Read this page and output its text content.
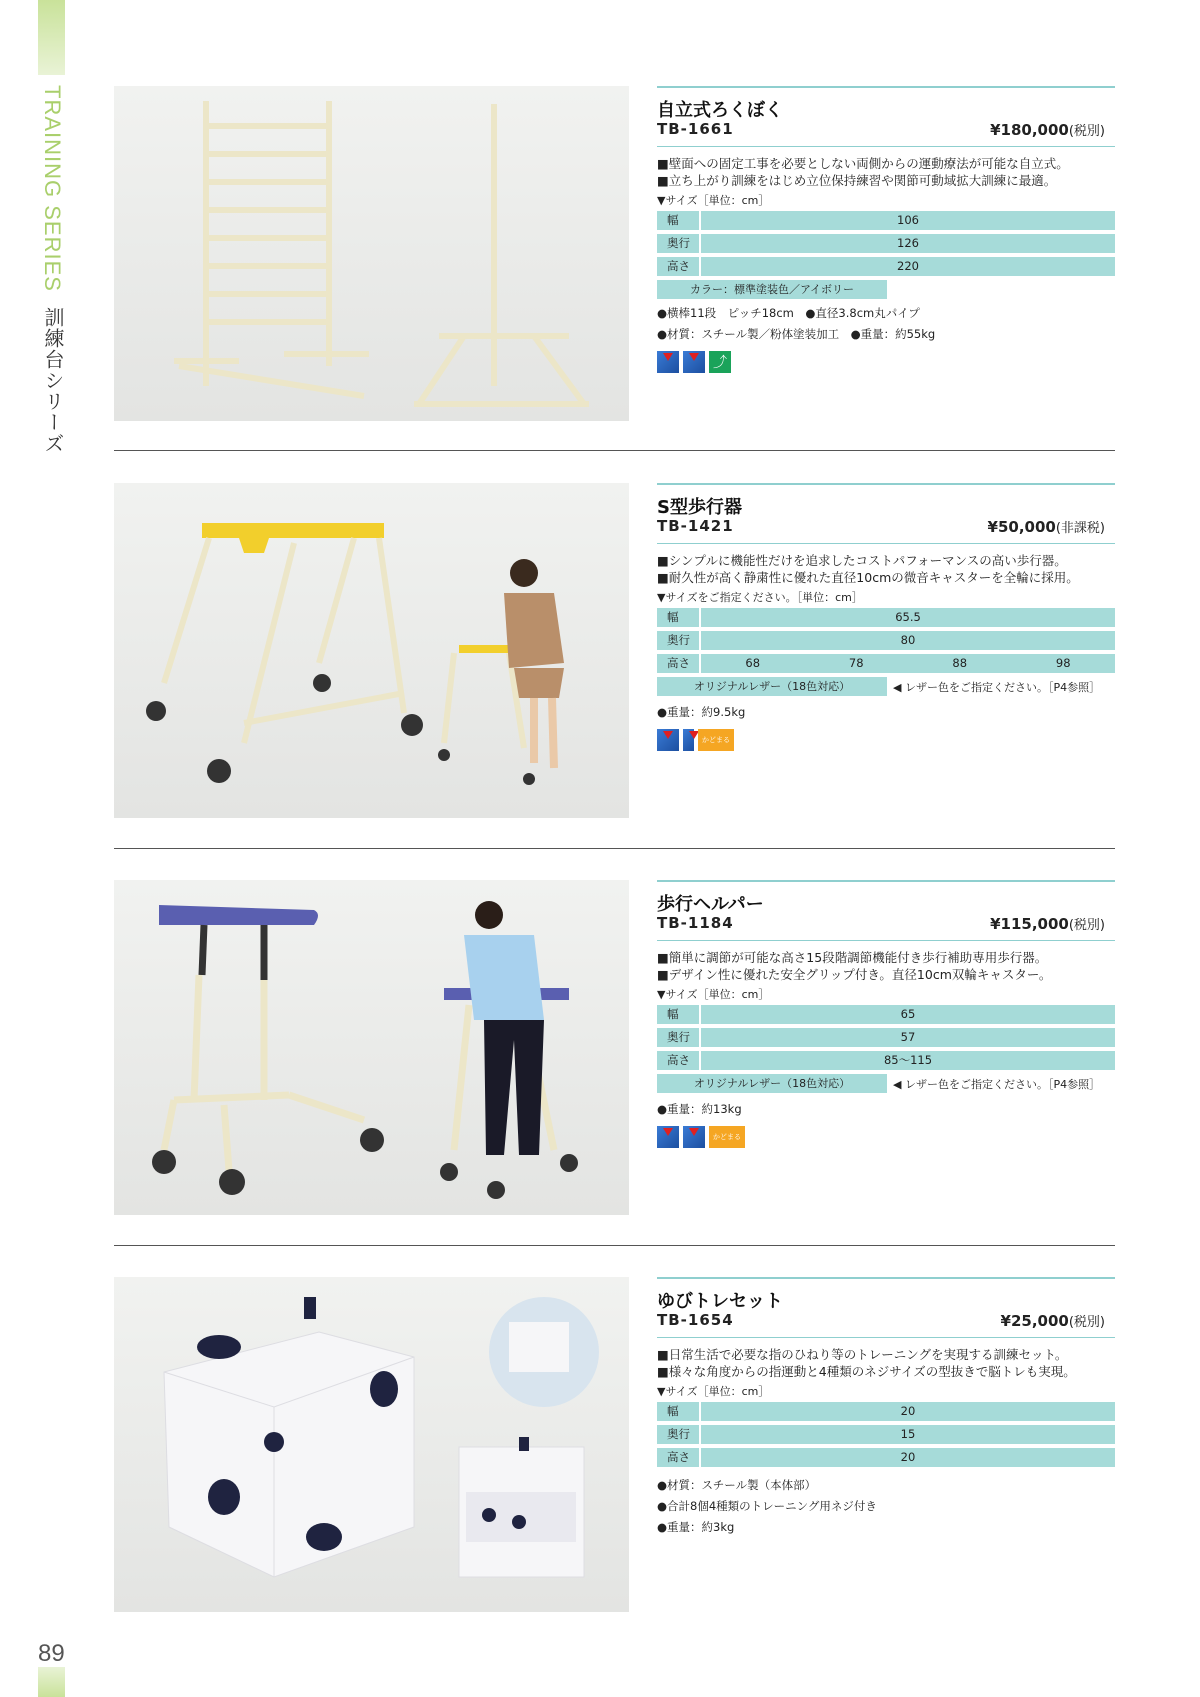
TRAINING SERIES 訓練台シリーズ
89
自立式ろくぼく
TB-1661	¥180,000(税別)
■壁面への固定工事を必要としない両側からの運動療法が可能な自立式。
■立ち上がり訓練をはじめ立位保持練習や関節可動域拡大訓練に最適。
▼サイズ［単位：cm］
幅	106
奥行	126
高さ	220
カラー：標準塗装色／アイボリー
●横棒11段　ピッチ18cm　●直径3.8cm丸パイプ
●材質：スチール製／粉体塗装加工　●重量：約55kg
⤴
S型歩行器
TB-1421	¥50,000(非課税)
■シンプルに機能性だけを追求したコストパフォーマンスの高い歩行器。
■耐久性が高く静粛性に優れた直径10cmの微音キャスターを全輪に採用。
▼サイズをご指定ください。［単位：cm］
幅	65.5
奥行	80
高さ	68	78	88	98
オリジナルレザー（18色対応）	◀ レザー色をご指定ください。［P4参照］
●重量：約9.5kg
かどまる
歩行ヘルパー
TB-1184	¥115,000(税別)
■簡単に調節が可能な高さ15段階調節機能付き歩行補助専用歩行器。
■デザイン性に優れた安全グリップ付き。直径10cm双輪キャスター。
▼サイズ［単位：cm］
幅	65
奥行	57
高さ	85〜115
オリジナルレザー（18色対応）	◀ レザー色をご指定ください。［P4参照］
●重量：約13kg
かどまる
ゆびトレセット
TB-1654	¥25,000(税別)
■日常生活で必要な指のひねり等のトレーニングを実現する訓練セット。
■様々な角度からの指運動と4種類のネジサイズの型抜きで脳トレも実現。
▼サイズ［単位：cm］
幅	20
奥行	15
高さ	20
●材質：スチール製（本体部）
●合計8個4種類のトレーニング用ネジ付き
●重量：約3kg
